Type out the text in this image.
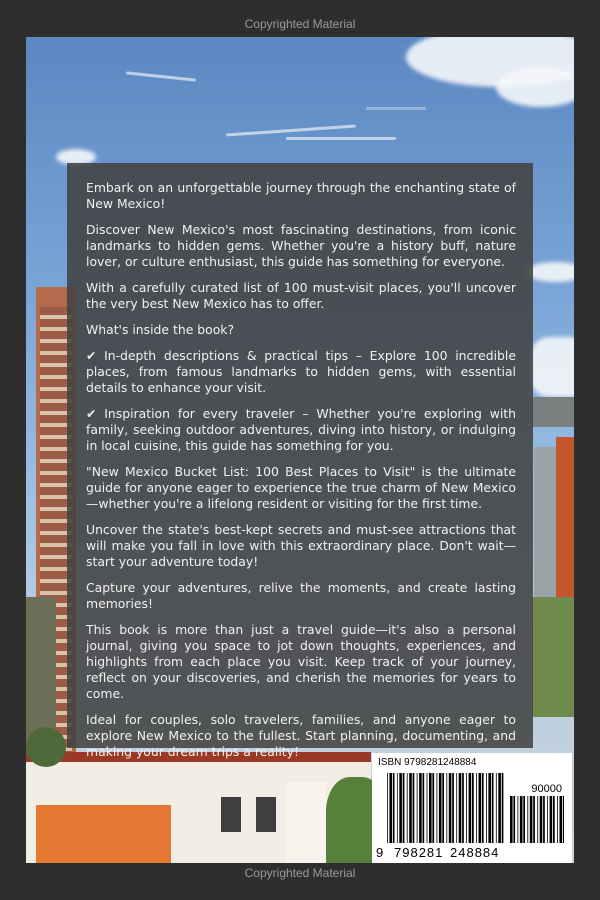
Copyrighted Material

Embark on an unforgettable journey through the enchanting state of New Mexico!

Discover New Mexico's most fascinating destinations, from iconic landmarks to hidden gems. Whether you're a history buff, nature lover, or culture enthusiast, this guide has something for everyone.

With a carefully curated list of 100 must-visit places, you'll uncover the very best New Mexico has to offer.

What's inside the book?

✔ In-depth descriptions & practical tips – Explore 100 incredible places, from famous landmarks to hidden gems, with essential details to enhance your visit.

✔ Inspiration for every traveler – Whether you're exploring with family, seeking outdoor adventures, diving into history, or indulging in local cuisine, this guide has something for you.

"New Mexico Bucket List: 100 Best Places to Visit" is the ultimate guide for anyone eager to experience the true charm of New Mexico—whether you're a lifelong resident or visiting for the first time.

Uncover the state's best-kept secrets and must-see attractions that will make you fall in love with this extraordinary place. Don't wait—start your adventure today!

Capture your adventures, relive the moments, and create lasting memories!

This book is more than just a travel guide—it's also a personal journal, giving you space to jot down thoughts, experiences, and highlights from each place you visit. Keep track of your journey, reflect on your discoveries, and cherish the memories for years to come.

Ideal for couples, solo travelers, families, and anyone eager to explore New Mexico to the fullest. Start planning, documenting, and making your dream trips a reality!

ISBN 9798281248884
90000
9 798281 248884
Copyrighted Material
